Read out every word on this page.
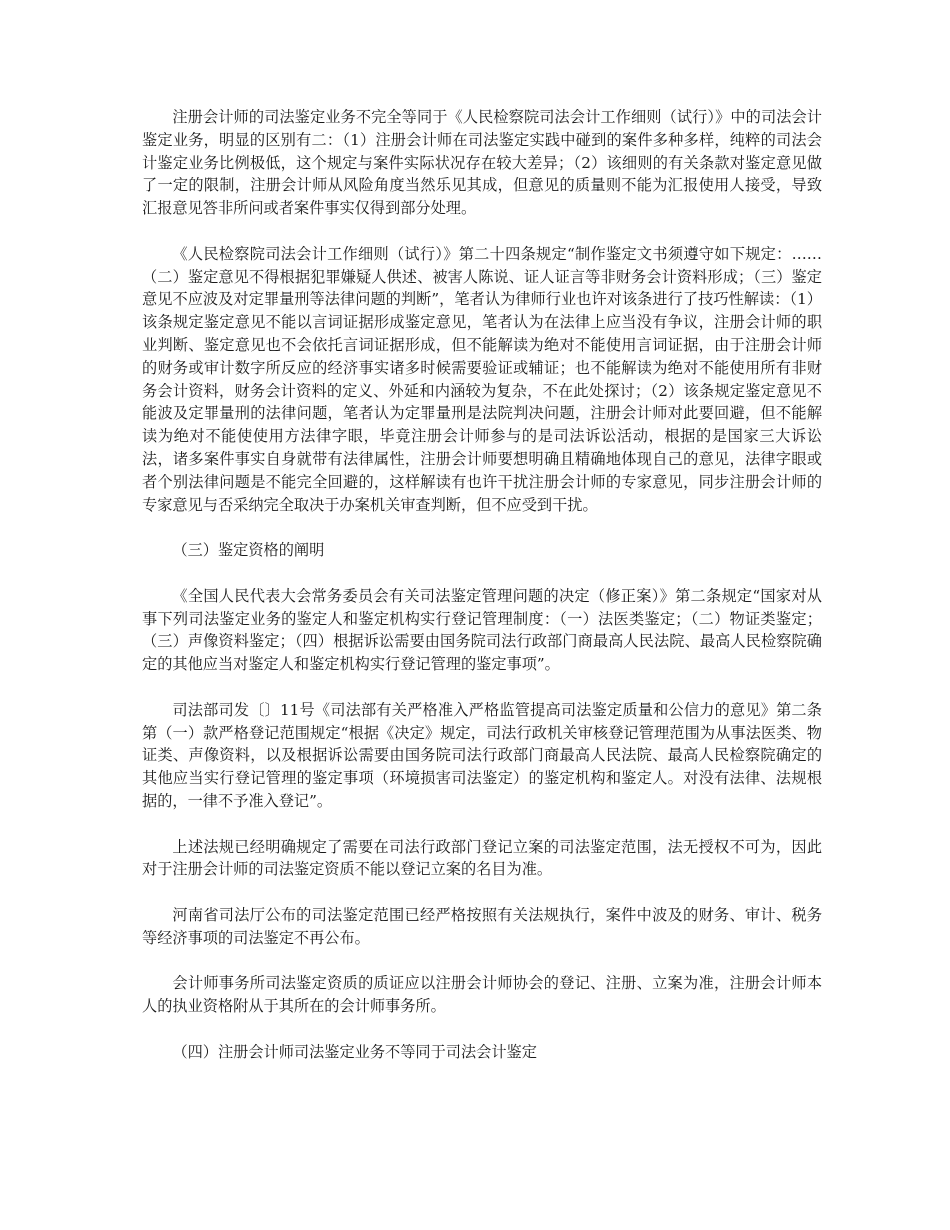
注册会计师的司法鉴定业务不完全等同于《人民检察院司法会计工作细则（试行）》中的司法会计鉴定业务，明显的区别有二：（1）注册会计师在司法鉴定实践中碰到的案件多种多样，纯粹的司法会计鉴定业务比例极低，这个规定与案件实际状况存在较大差异；（2）该细则的有关条款对鉴定意见做了一定的限制，注册会计师从风险角度当然乐见其成，但意见的质量则不能为汇报使用人接受，导致汇报意见答非所问或者案件事实仅得到部分处理。

《人民检察院司法会计工作细则（试行）》第二十四条规定“制作鉴定文书须遵守如下规定：……（二）鉴定意见不得根据犯罪嫌疑人供述、被害人陈说、证人证言等非财务会计资料形成；（三）鉴定意见不应波及对定罪量刑等法律问题的判断”，笔者认为律师行业也许对该条进行了技巧性解读：（1）该条规定鉴定意见不能以言词证据形成鉴定意见，笔者认为在法律上应当没有争议，注册会计师的职业判断、鉴定意见也不会依托言词证据形成，但不能解读为绝对不能使用言词证据，由于注册会计师的财务或审计数字所反应的经济事实诸多时候需要验证或辅证；也不能解读为绝对不能使用所有非财务会计资料，财务会计资料的定义、外延和内涵较为复杂，不在此处探讨；（2）该条规定鉴定意见不能波及定罪量刑的法律问题，笔者认为定罪量刑是法院判决问题，注册会计师对此要回避，但不能解读为绝对不能使使用方法律字眼，毕竟注册会计师参与的是司法诉讼活动，根据的是国家三大诉讼法，诸多案件事实自身就带有法律属性，注册会计师要想明确且精确地体现自己的意见，法律字眼或者个别法律问题是不能完全回避的，这样解读有也许干扰注册会计师的专家意见，同步注册会计师的专家意见与否采纳完全取决于办案机关审查判断，但不应受到干扰。

（三）鉴定资格的阐明

《全国人民代表大会常务委员会有关司法鉴定管理问题的决定（修正案）》第二条规定“国家对从事下列司法鉴定业务的鉴定人和鉴定机构实行登记管理制度：（一）法医类鉴定；（二）物证类鉴定；（三）声像资料鉴定；（四）根据诉讼需要由国务院司法行政部门商最高人民法院、最高人民检察院确定的其他应当对鉴定人和鉴定机构实行登记管理的鉴定事项”。

司法部司发〔〕11号《司法部有关严格准入严格监管提高司法鉴定质量和公信力的意见》第二条第（一）款严格登记范围规定“根据《决定》规定，司法行政机关审核登记管理范围为从事法医类、物证类、声像资料，以及根据诉讼需要由国务院司法行政部门商最高人民法院、最高人民检察院确定的其他应当实行登记管理的鉴定事项（环境损害司法鉴定）的鉴定机构和鉴定人。对没有法律、法规根据的，一律不予准入登记”。

上述法规已经明确规定了需要在司法行政部门登记立案的司法鉴定范围，法无授权不可为，因此对于注册会计师的司法鉴定资质不能以登记立案的名目为准。

河南省司法厅公布的司法鉴定范围已经严格按照有关法规执行，案件中波及的财务、审计、税务等经济事项的司法鉴定不再公布。

会计师事务所司法鉴定资质的质证应以注册会计师协会的登记、注册、立案为准，注册会计师本人的执业资格附从于其所在的会计师事务所。

（四）注册会计师司法鉴定业务不等同于司法会计鉴定
